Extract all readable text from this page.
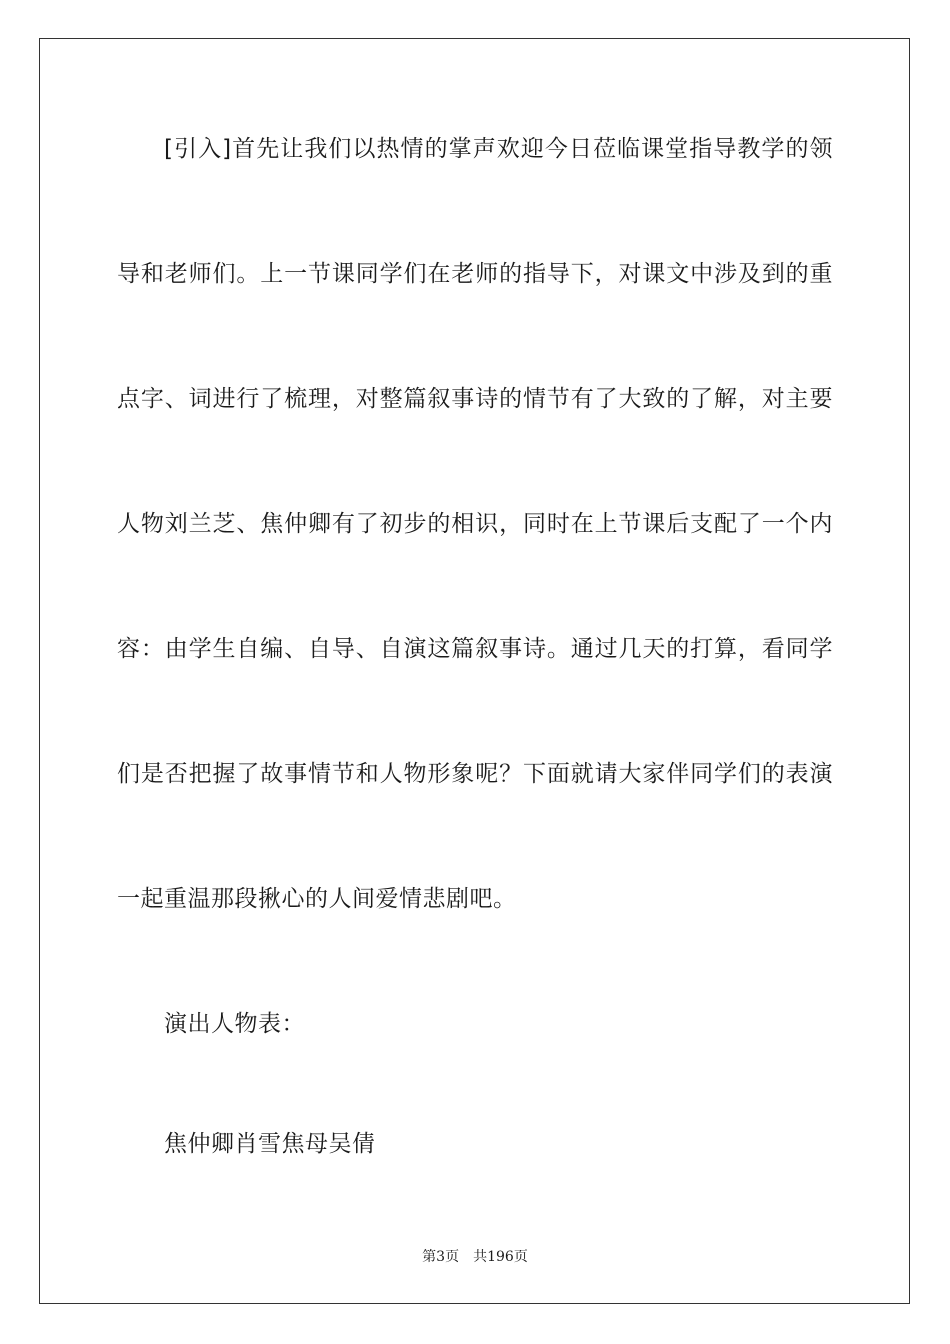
[引入]首先让我们以热情的掌声欢迎今日莅临课堂指导教学的领
导和老师们。上一节课同学们在老师的指导下，对课文中涉及到的重
点字、词进行了梳理，对整篇叙事诗的情节有了大致的了解，对主要
人物刘兰芝、焦仲卿有了初步的相识，同时在上节课后支配了一个内
容：由学生自编、自导、自演这篇叙事诗。通过几天的打算，看同学
们是否把握了故事情节和人物形象呢？下面就请大家伴同学们的表演
一起重温那段揪心的人间爱情悲剧吧。
演出人物表：
焦仲卿肖雪焦母吴倩
第3页 共196页
